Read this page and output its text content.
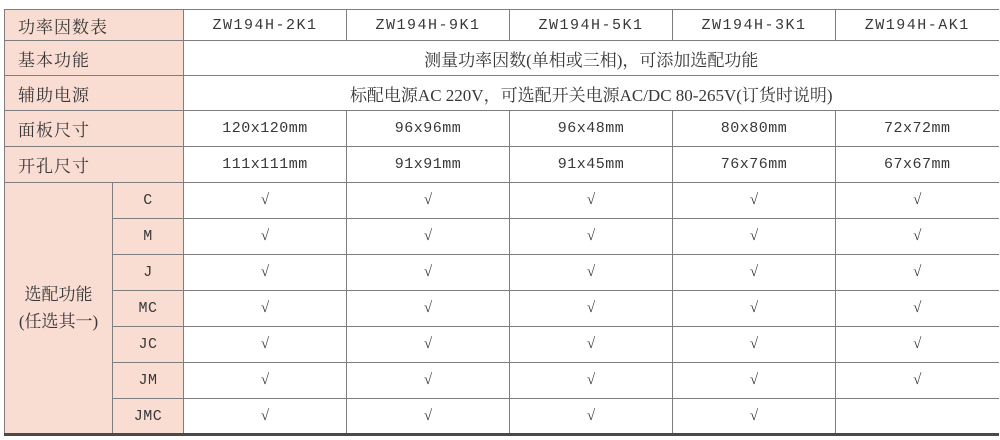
功率因数表		ZW194H-2K1	ZW194H-9K1	ZW194H-5K1	ZW194H-3K1	ZW194H-AK1
基本功能		测量功率因数(单相或三相)，可添加选配功能				
辅助电源		标配电源AC 220V，可选配开关电源AC/DC 80-265V(订货时说明)				
面板尺寸		120x120mm	96x96mm	96x48mm	80x80mm	72x72mm
开孔尺寸		111x111mm	91x91mm	91x45mm	76x76mm	67x67mm
选配功能
(任选其一)	C	√	√	√	√	√
	M	√	√	√	√	√
	J	√	√	√	√	√
	MC	√	√	√	√	√
	JC	√	√	√	√	√
	JM	√	√	√	√	√
	JMC	√	√	√	√	
